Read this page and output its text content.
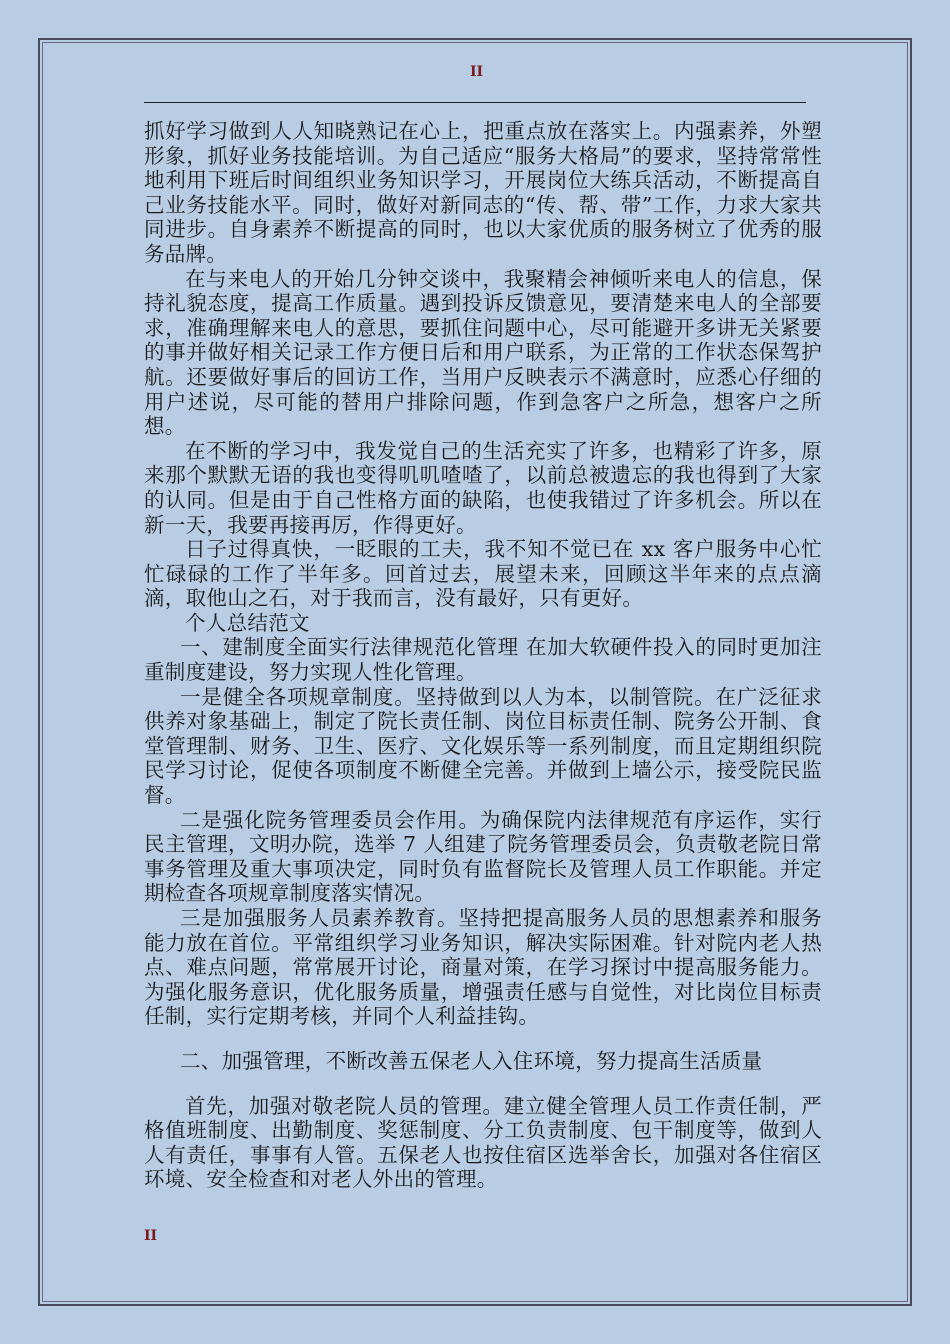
II

抓好学习做到人人知晓熟记在心上，把重点放在落实上。内强素养，外塑形象，抓好业务技能培训。为自己适应“服务大格局”的要求，坚持常常性地利用下班后时间组织业务知识学习，开展岗位大练兵活动，不断提高自己业务技能水平。同时，做好对新同志的“传、帮、带”工作，力求大家共同进步。自身素养不断提高的同时，也以大家优质的服务树立了优秀的服务品牌。

在与来电人的开始几分钟交谈中，我聚精会神倾听来电人的信息，保持礼貌态度，提高工作质量。遇到投诉反馈意见，要清楚来电人的全部要求，准确理解来电人的意思，要抓住问题中心，尽可能避开多讲无关紧要的事并做好相关记录工作方便日后和用户联系，为正常的工作状态保驾护航。还要做好事后的回访工作，当用户反映表示不满意时，应悉心仔细的用户述说，尽可能的替用户排除问题，作到急客户之所急，想客户之所想。

在不断的学习中，我发觉自己的生活充实了许多，也精彩了许多，原来那个默默无语的我也变得叽叽喳喳了，以前总被遗忘的我也得到了大家的认同。但是由于自己性格方面的缺陷，也使我错过了许多机会。所以在新一天，我要再接再厉，作得更好。

日子过得真快，一眨眼的工夫，我不知不觉已在 xx 客户服务中心忙忙碌碌的工作了半年多。回首过去，展望未来，回顾这半年来的点点滴滴，取他山之石，对于我而言，没有最好，只有更好。

个人总结范文

一、建制度全面实行法律规范化管理 在加大软硬件投入的同时更加注重制度建设，努力实现人性化管理。

一是健全各项规章制度。坚持做到以人为本，以制管院。在广泛征求供养对象基础上，制定了院长责任制、岗位目标责任制、院务公开制、食堂管理制、财务、卫生、医疗、文化娱乐等一系列制度，而且定期组织院民学习讨论，促使各项制度不断健全完善。并做到上墙公示，接受院民监督。

二是强化院务管理委员会作用。为确保院内法律规范有序运作，实行民主管理，文明办院，选举 7 人组建了院务管理委员会，负责敬老院日常事务管理及重大事项决定，同时负有监督院长及管理人员工作职能。并定期检查各项规章制度落实情况。

三是加强服务人员素养教育。坚持把提高服务人员的思想素养和服务能力放在首位。平常组织学习业务知识，解决实际困难。针对院内老人热点、难点问题，常常展开讨论，商量对策，在学习探讨中提高服务能力。为强化服务意识，优化服务质量，增强责任感与自觉性，对比岗位目标责任制，实行定期考核，并同个人利益挂钩。

二、加强管理，不断改善五保老人入住环境，努力提高生活质量

首先，加强对敬老院人员的管理。建立健全管理人员工作责任制，严格值班制度、出勤制度、奖惩制度、分工负责制度、包干制度等，做到人人有责任，事事有人管。五保老人也按住宿区选举舍长，加强对各住宿区环境、安全检查和对老人外出的管理。

II
